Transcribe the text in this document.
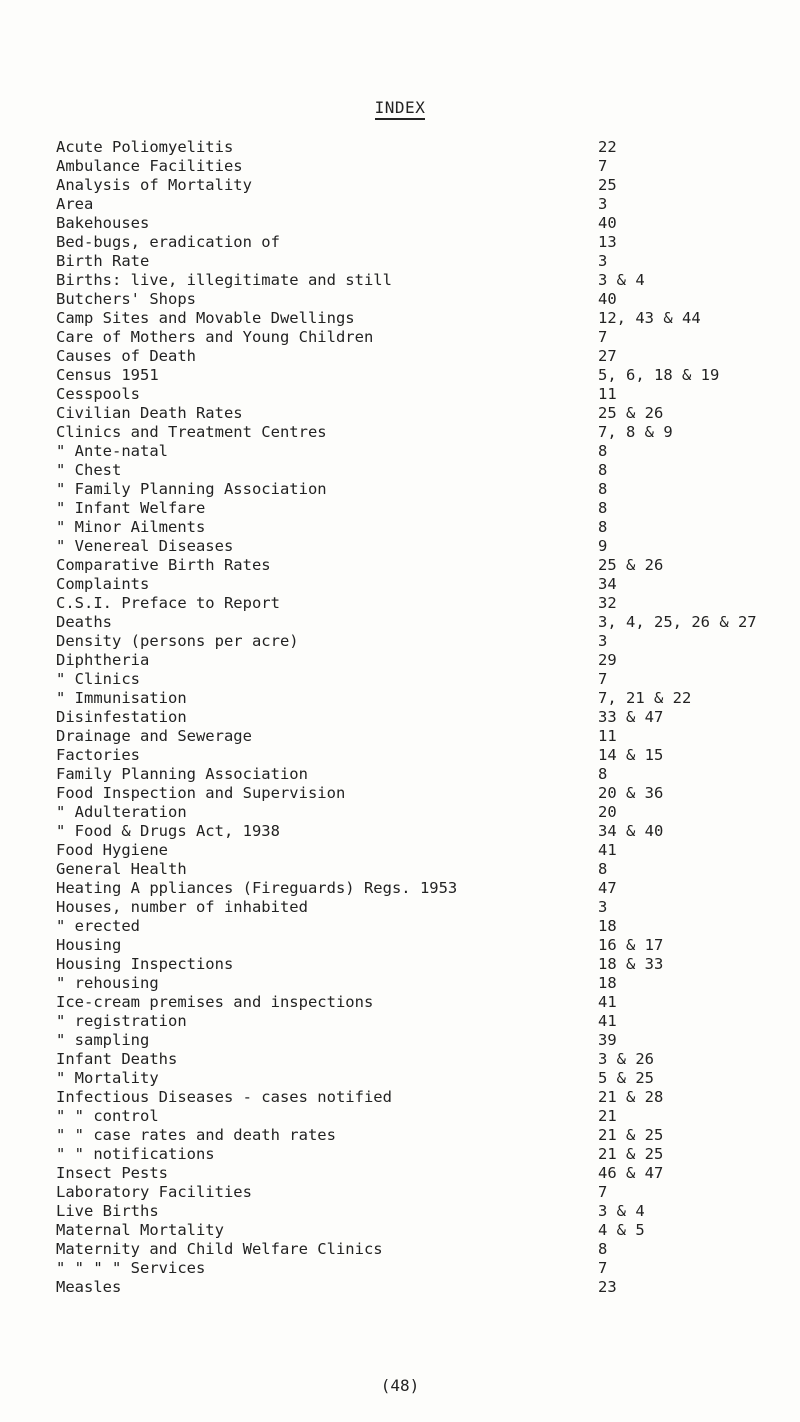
INDEX
Acute Poliomyelitis	22
Ambulance Facilities	7
Analysis of Mortality	25
Area	3
Bakehouses	40
Bed-bugs, eradication of	13
Birth Rate	3
Births: live, illegitimate and still	3 & 4
Butchers' Shops	40
Camp Sites and Movable Dwellings	12, 43 & 44
Care of Mothers and Young Children	7
Causes of Death	27
Census 1951	5, 6, 18 & 19
Cesspools	11
Civilian Death Rates	25 & 26
Clinics and Treatment Centres	7, 8 & 9
" Ante-natal	8
" Chest	8
" Family Planning Association	8
" Infant Welfare	8
" Minor Ailments	8
" Venereal Diseases	9
Comparative Birth Rates	25 & 26
Complaints	34
C.S.I. Preface to Report	32
Deaths	3, 4, 25, 26 & 27
Density (persons per acre)	3
Diphtheria	29
" Clinics	7
" Immunisation	7, 21 & 22
Disinfestation	33 & 47
Drainage and Sewerage	11
Factories	14 & 15
Family Planning Association	8
Food Inspection and Supervision	20 & 36
" Adulteration	20
" Food & Drugs Act, 1938	34 & 40
Food Hygiene	41
General Health	8
Heating A ppliances (Fireguards) Regs. 1953	47
Houses, number of inhabited	3
" erected	18
Housing	16 & 17
Housing Inspections	18 & 33
" rehousing	18
Ice-cream premises and inspections	41
" registration	41
" sampling	39
Infant Deaths	3 & 26
" Mortality	5 & 25
Infectious Diseases - cases notified	21 & 28
" " control	21
" " case rates and death rates	21 & 25
" " notifications	21 & 25
Insect Pests	46 & 47
Laboratory Facilities	7
Live Births	3 & 4
Maternal Mortality	4 & 5
Maternity and Child Welfare Clinics	8
" " " " Services	7
Measles	23
(48)
